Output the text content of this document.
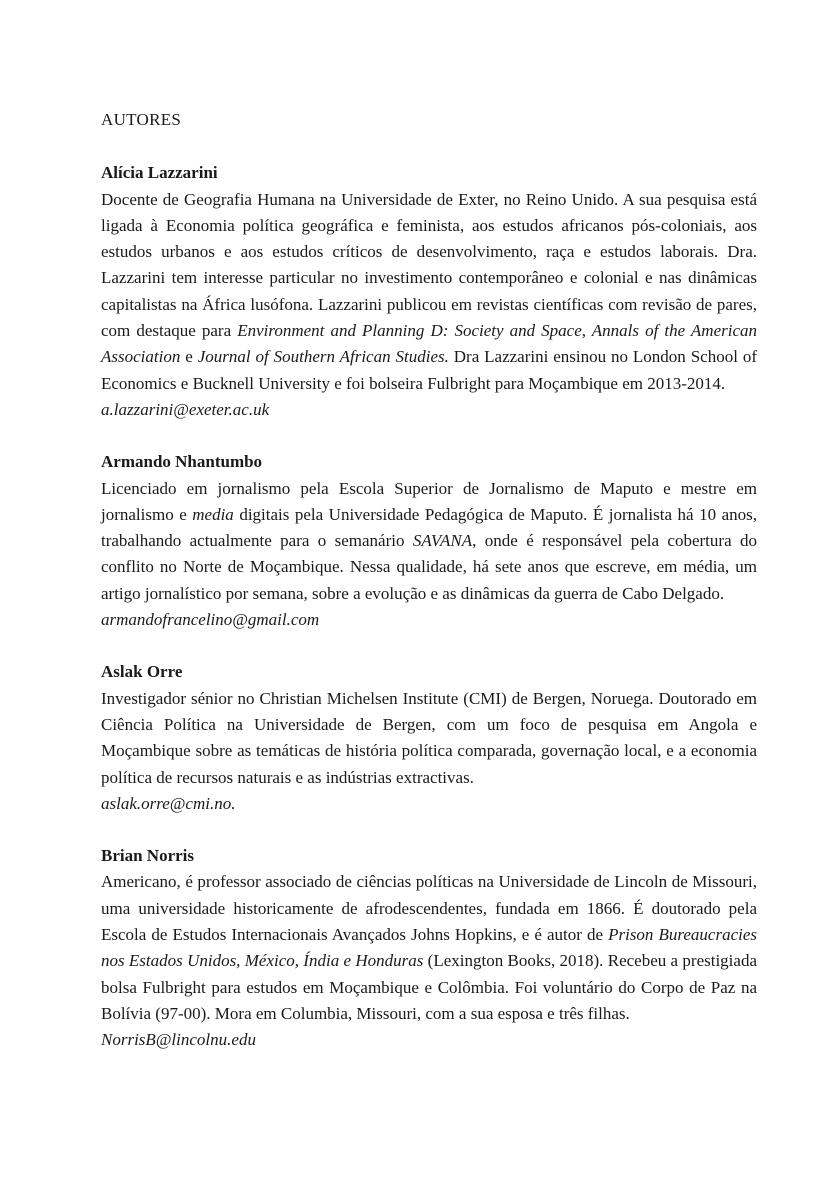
AUTORES

Alícia Lazzarini

Docente de Geografia Humana na Universidade de Exter, no Reino Unido. A sua pesquisa está ligada à Economia política geográfica e feminista, aos estudos africanos pós-coloniais, aos estudos urbanos e aos estudos críticos de desenvolvimento, raça e estudos laborais. Dra. Lazzarini tem interesse particular no investimento contemporâneo e colonial e nas dinâmicas capitalistas na África lusófona. Lazzarini publicou em revistas científicas com revisão de pares, com destaque para Environment and Planning D: Society and Space, Annals of the American Association e Journal of Southern African Studies. Dra Lazzarini ensinou no London School of Economics e Bucknell University e foi bolseira Fulbright para Moçambique em 2013-2014.

a.lazzarini@exeter.ac.uk

Armando Nhantumbo

Licenciado em jornalismo pela Escola Superior de Jornalismo de Maputo e mestre em jornalismo e media digitais pela Universidade Pedagógica de Maputo. É jornalista há 10 anos, trabalhando actualmente para o semanário SAVANA, onde é responsável pela cobertura do conflito no Norte de Moçambique. Nessa qualidade, há sete anos que escreve, em média, um artigo jornalístico por semana, sobre a evolução e as dinâmicas da guerra de Cabo Delgado.

armandofrancelino@gmail.com

Aslak Orre

Investigador sénior no Christian Michelsen Institute (CMI) de Bergen, Noruega. Doutorado em Ciência Política na Universidade de Bergen, com um foco de pesquisa em Angola e Moçambique sobre as temáticas de história política comparada, governação local, e a economia política de recursos naturais e as indústrias extractivas.

aslak.orre@cmi.no.

Brian Norris

Americano, é professor associado de ciências políticas na Universidade de Lincoln de Missouri, uma universidade historicamente de afrodescendentes, fundada em 1866. É doutorado pela Escola de Estudos Internacionais Avançados Johns Hopkins, e é autor de Prison Bureaucracies nos Estados Unidos, México, Índia e Honduras (Lexington Books, 2018). Recebeu a prestigiada bolsa Fulbright para estudos em Moçambique e Colômbia. Foi voluntário do Corpo de Paz na Bolívia (97-00). Mora em Columbia, Missouri, com a sua esposa e três filhas.

NorrisB@lincolnu.edu
